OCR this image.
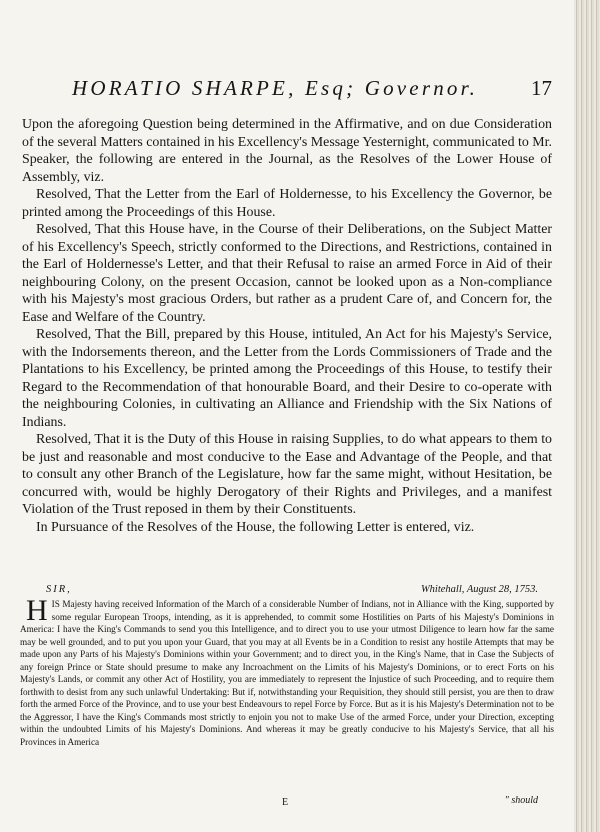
HORATIO SHARPE, Esq; Governor.	17

Upon the aforegoing Question being determined in the Affirmative, and on due Consideration of the several Matters contained in his Excellency's Message Yesternight, communicated to Mr. Speaker, the following are entered in the Journal, as the Resolves of the Lower House of Assembly, viz.

Resolved, That the Letter from the Earl of Holdernesse, to his Excellency the Governor, be printed among the Proceedings of this House.

Resolved, That this House have, in the Course of their Deliberations, on the Subject Matter of his Excellency's Speech, strictly conformed to the Directions, and Restrictions, contained in the Earl of Holdernesse's Letter, and that their Refusal to raise an armed Force in Aid of their neighbouring Colony, on the present Occasion, cannot be looked upon as a Non-compliance with his Majesty's most gracious Orders, but rather as a prudent Care of, and Concern for, the Ease and Welfare of the Country.

Resolved, That the Bill, prepared by this House, intituled, An Act for his Majesty's Service, with the Indorsements thereon, and the Letter from the Lords Commissioners of Trade and the Plantations to his Excellency, be printed among the Proceedings of this House, to testify their Regard to the Recommendation of that honourable Board, and their Desire to co-operate with the neighbouring Colonies, in cultivating an Alliance and Friendship with the Six Nations of Indians.

Resolved, That it is the Duty of this House in raising Supplies, to do what appears to them to be just and reasonable and most conducive to the Ease and Advantage of the People, and that to consult any other Branch of the Legislature, how far the same might, without Hesitation, be concurred with, would be highly Derogatory of their Rights and Privileges, and a manifest Violation of the Trust reposed in them by their Constituents.

In Pursuance of the Resolves of the House, the following Letter is entered, viz.

SIR,	Whitehall, August 28, 1753.
HIS Majesty having received Information of the March of a considerable Number of Indians, not in Alliance with the King, supported by some regular European Troops, intending, as it is apprehended, to commit some Hostilities on Parts of his Majesty's Dominions in America: I have the King's Commands to send you this Intelligence, and to direct you to use your utmost Diligence to learn how far the same may be well grounded, and to put you upon your Guard, that you may at all Events be in a Condition to resist any hostile Attempts that may be made upon any Parts of his Majesty's Dominions within your Government; and to direct you, in the King's Name, that in Case the Subjects of any foreign Prince or State should presume to make any Incroachment on the Limits of his Majesty's Dominions, or to erect Forts on his Majesty's Lands, or commit any other Act of Hostility, you are immediately to represent the Injustice of such Proceeding, and to require them forthwith to desist from any such unlawful Undertaking: But if, notwithstanding your Requisition, they should still persist, you are then to draw forth the armed Force of the Province, and to use your best Endeavours to repel Force by Force. But as it is his Majesty's Determination not to be the Aggressor, I have the King's Commands most strictly to enjoin you not to make Use of the armed Force, under your Direction, excepting within the undoubted Limits of his Majesty's Dominions. And whereas it may be greatly conducive to his Majesty's Service, that all his Provinces in America
E	" should
